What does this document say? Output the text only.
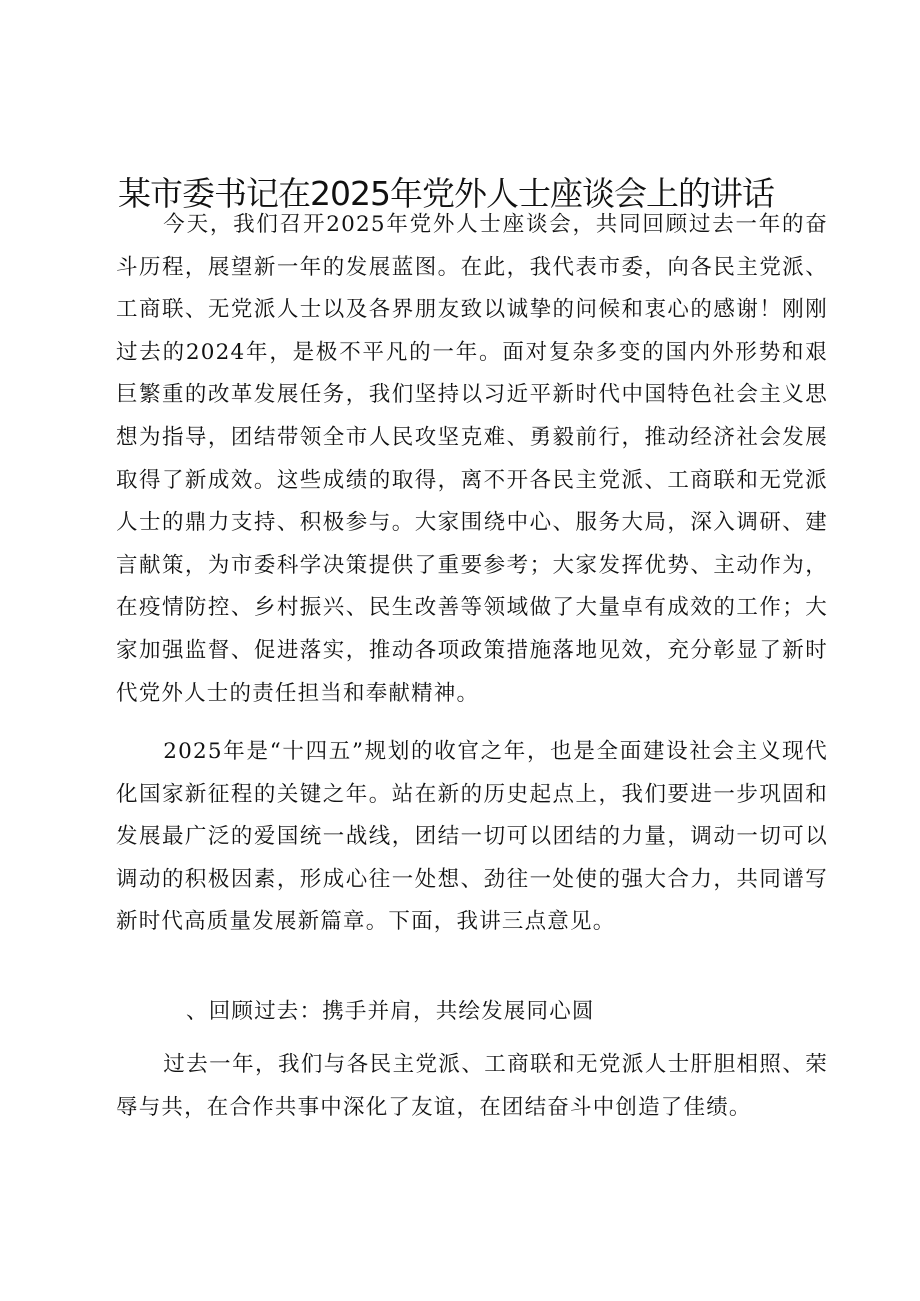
某市委书记在2025年党外人士座谈会上的讲话

今天，我们召开2025年党外人士座谈会，共同回顾过去一年的奋斗历程，展望新一年的发展蓝图。在此，我代表市委，向各民主党派、工商联、无党派人士以及各界朋友致以诚挚的问候和衷心的感谢！刚刚过去的2024年，是极不平凡的一年。面对复杂多变的国内外形势和艰巨繁重的改革发展任务，我们坚持以习近平新时代中国特色社会主义思想为指导，团结带领全市人民攻坚克难、勇毅前行，推动经济社会发展取得了新成效。这些成绩的取得，离不开各民主党派、工商联和无党派人士的鼎力支持、积极参与。大家围绕中心、服务大局，深入调研、建言献策，为市委科学决策提供了重要参考；大家发挥优势、主动作为，在疫情防控、乡村振兴、民生改善等领域做了大量卓有成效的工作；大家加强监督、促进落实，推动各项政策措施落地见效，充分彰显了新时代党外人士的责任担当和奉献精神。

2025年是“十四五”规划的收官之年，也是全面建设社会主义现代化国家新征程的关键之年。站在新的历史起点上，我们要进一步巩固和发展最广泛的爱国统一战线，团结一切可以团结的力量，调动一切可以调动的积极因素，形成心往一处想、劲往一处使的强大合力，共同谱写新时代高质量发展新篇章。下面，我讲三点意见。

、回顾过去：携手并肩，共绘发展同心圆

过去一年，我们与各民主党派、工商联和无党派人士肝胆相照、荣辱与共，在合作共事中深化了友谊，在团结奋斗中创造了佳绩。
